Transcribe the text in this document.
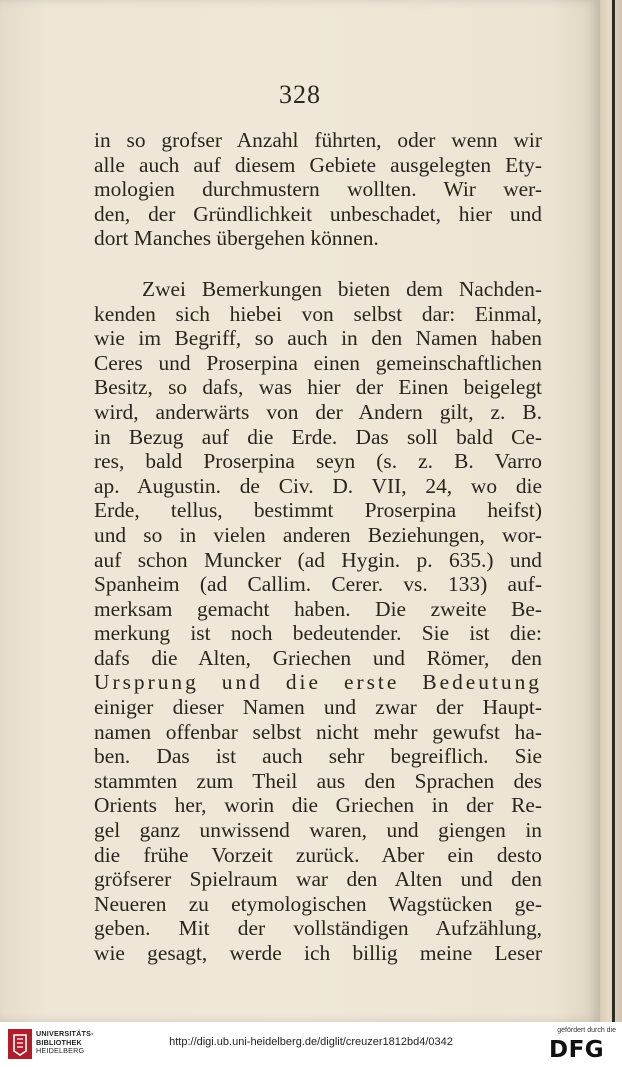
328
in so grofser Anzahl führten, oder wenn wir
alle auch auf diesem Gebiete ausgelegten Ety-
mologien durchmustern wollten. Wir wer-
den, der Gründlichkeit unbeschadet, hier und
dort Manches übergehen können.
Zwei Bemerkungen bieten dem Nachden-
kenden sich hiebei von selbst dar: Einmal,
wie im Begriff, so auch in den Namen haben
Ceres und Proserpina einen gemeinschaftlichen
Besitz, so dafs, was hier der Einen beigelegt
wird, anderwärts von der Andern gilt, z. B.
in Bezug auf die Erde. Das soll bald Ce-
res, bald Proserpina seyn (s. z. B. Varro
ap. Augustin. de Civ. D. VII, 24, wo die
Erde, tellus, bestimmt Proserpina heifst)
und so in vielen anderen Beziehungen, wor-
auf schon Muncker (ad Hygin. p. 635.) und
Spanheim (ad Callim. Cerer. vs. 133) auf-
merksam gemacht haben. Die zweite Be-
merkung ist noch bedeutender. Sie ist die:
dafs die Alten, Griechen und Römer, den
Ursprung und die erste Bedeutung
einiger dieser Namen und zwar der Haupt-
namen offenbar selbst nicht mehr gewufst ha-
ben. Das ist auch sehr begreiflich. Sie
stammten zum Theil aus den Sprachen des
Orients her, worin die Griechen in der Re-
gel ganz unwissend waren, und giengen in
die frühe Vorzeit zurück. Aber ein desto
gröfserer Spielraum war den Alten und den
Neueren zu etymologischen Wagstücken ge-
geben. Mit der vollständigen Aufzählung,
wie gesagt, werde ich billig meine Leser
UNIVERSITÄTS-
BIBLIOTHEK
HEIDELBERG
http://digi.ub.uni-heidelberg.de/diglit/creuzer1812bd4/0342
gefördert durch die
DFG
